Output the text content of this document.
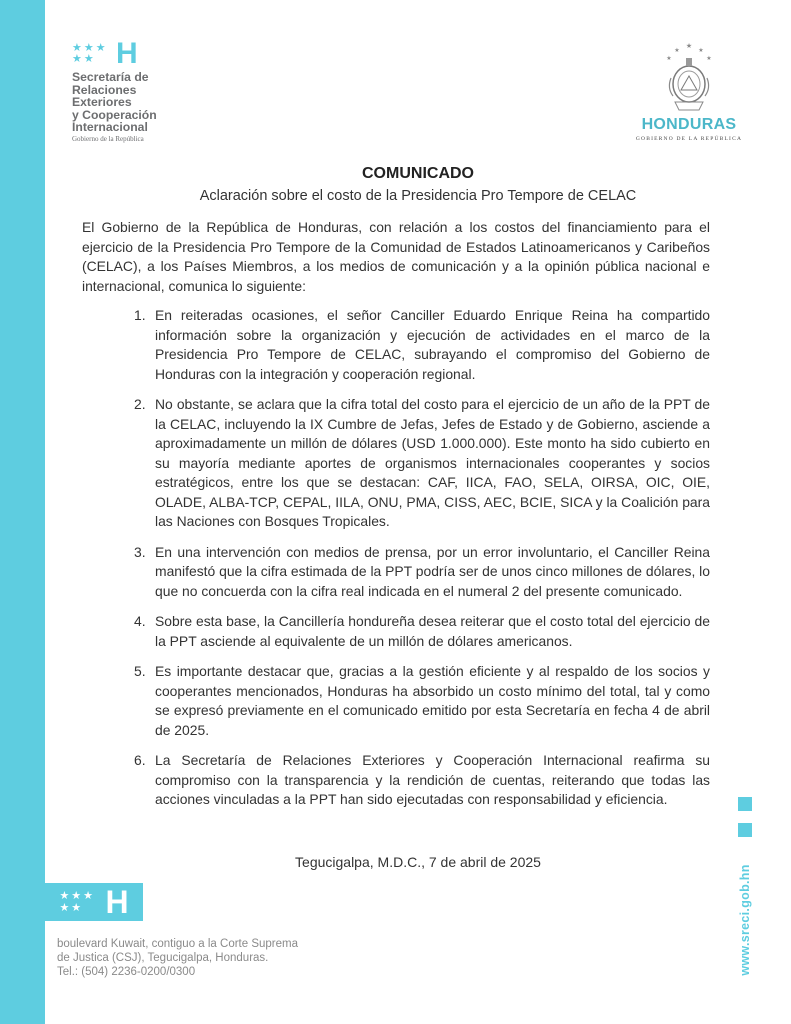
★★★
★★ H
Secretaría de
Relaciones
Exteriores
y Cooperación
Internacional
Gobierno de la República
★
★	★
★	★
HONDURAS
GOBIERNO DE LA REPÚBLICA
COMUNICADO
Aclaración sobre el costo de la Presidencia Pro Tempore de CELAC
El Gobierno de la República de Honduras, con relación a los costos del financiamiento para el ejercicio de la Presidencia Pro Tempore de la Comunidad de Estados Latinoamericanos y Caribeños (CELAC), a los Países Miembros, a los medios de comunicación y a la opinión pública nacional e internacional, comunica lo siguiente:
1. En reiteradas ocasiones, el señor Canciller Eduardo Enrique Reina ha compartido información sobre la organización y ejecución de actividades en el marco de la Presidencia Pro Tempore de CELAC, subrayando el compromiso del Gobierno de Honduras con la integración y cooperación regional.
2. No obstante, se aclara que la cifra total del costo para el ejercicio de un año de la PPT de la CELAC, incluyendo la IX Cumbre de Jefas, Jefes de Estado y de Gobierno, asciende a aproximadamente un millón de dólares (USD 1.000.000). Este monto ha sido cubierto en su mayoría mediante aportes de organismos internacionales cooperantes y socios estratégicos, entre los que se destacan: CAF, IICA, FAO, SELA, OIRSA, OIC, OIE, OLADE, ALBA-TCP, CEPAL, IILA, ONU, PMA, CISS, AEC, BCIE, SICA y la Coalición para las Naciones con Bosques Tropicales.
3. En una intervención con medios de prensa, por un error involuntario, el Canciller Reina manifestó que la cifra estimada de la PPT podría ser de unos cinco millones de dólares, lo que no concuerda con la cifra real indicada en el numeral 2 del presente comunicado.
4. Sobre esta base, la Cancillería hondureña desea reiterar que el costo total del ejercicio de la PPT asciende al equivalente de un millón de dólares americanos.
5. Es importante destacar que, gracias a la gestión eficiente y al respaldo de los socios y cooperantes mencionados, Honduras ha absorbido un costo mínimo del total, tal y como se expresó previamente en el comunicado emitido por esta Secretaría en fecha 4 de abril de 2025.
6. La Secretaría de Relaciones Exteriores y Cooperación Internacional reafirma su compromiso con la transparencia y la rendición de cuentas, reiterando que todas las acciones vinculadas a la PPT han sido ejecutadas con responsabilidad y eficiencia.
Tegucigalpa, M.D.C., 7 de abril de 2025
★★★
★★ H
boulevard Kuwait, contiguo a la Corte Suprema
de Justica (CSJ), Tegucigalpa, Honduras.
Tel.: (504) 2236-0200/0300	www.sreci.gob.hn
